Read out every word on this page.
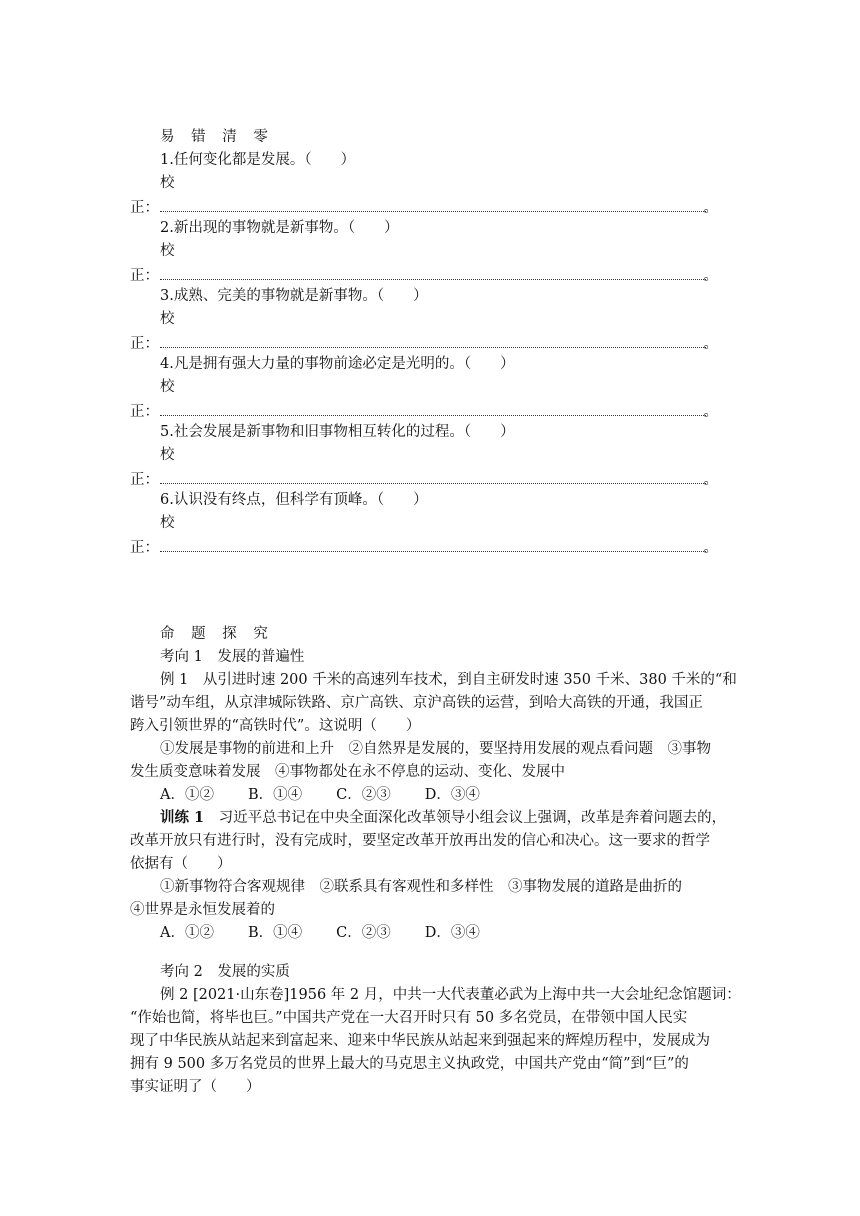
易 错 清 零
1.任何变化都是发展。（　　）
校
正：	。
2.新出现的事物就是新事物。（　　）
校
正：	。
3.成熟、完美的事物就是新事物。（　　）
校
正：	。
4.凡是拥有强大力量的事物前途必定是光明的。（　　）
校
正：	。
5.社会发展是新事物和旧事物相互转化的过程。（　　）
校
正：	。
6.认识没有终点，但科学有顶峰。（　　）
校
正：	。
命 题 探 究
考向 1　发展的普遍性
例 1　从引进时速 200 千米的高速列车技术，到自主研发时速 350 千米、380 千米的“和
谐号”动车组，从京津城际铁路、京广高铁、京沪高铁的运营，到哈大高铁的开通，我国正
跨入引领世界的“高铁时代”。这说明（　　）
①发展是事物的前进和上升　②自然界是发展的，要坚持用发展的观点看问题　③事物
发生质变意味着发展　④事物都处在永不停息的运动、变化、发展中
A．①② B．①④ C．②③ D．③④
训练 1　习近平总书记在中央全面深化改革领导小组会议上强调，改革是奔着问题去的，
改革开放只有进行时，没有完成时，要坚定改革开放再出发的信心和决心。这一要求的哲学
依据有（　　）
①新事物符合客观规律　②联系具有客观性和多样性　③事物发展的道路是曲折的
④世界是永恒发展着的
A．①② B．①④ C．②③ D．③④
考向 2　发展的实质
例 2 [2021·山东卷]1956 年 2 月，中共一大代表董必武为上海中共一大会址纪念馆题词：
“作始也简，将毕也巨。”中国共产党在一大召开时只有 50 多名党员，在带领中国人民实
现了中华民族从站起来到富起来、迎来中华民族从站起来到强起来的辉煌历程中，发展成为
拥有 9 500 多万名党员的世界上最大的马克思主义执政党，中国共产党由“简”到“巨”的
事实证明了（　　）
